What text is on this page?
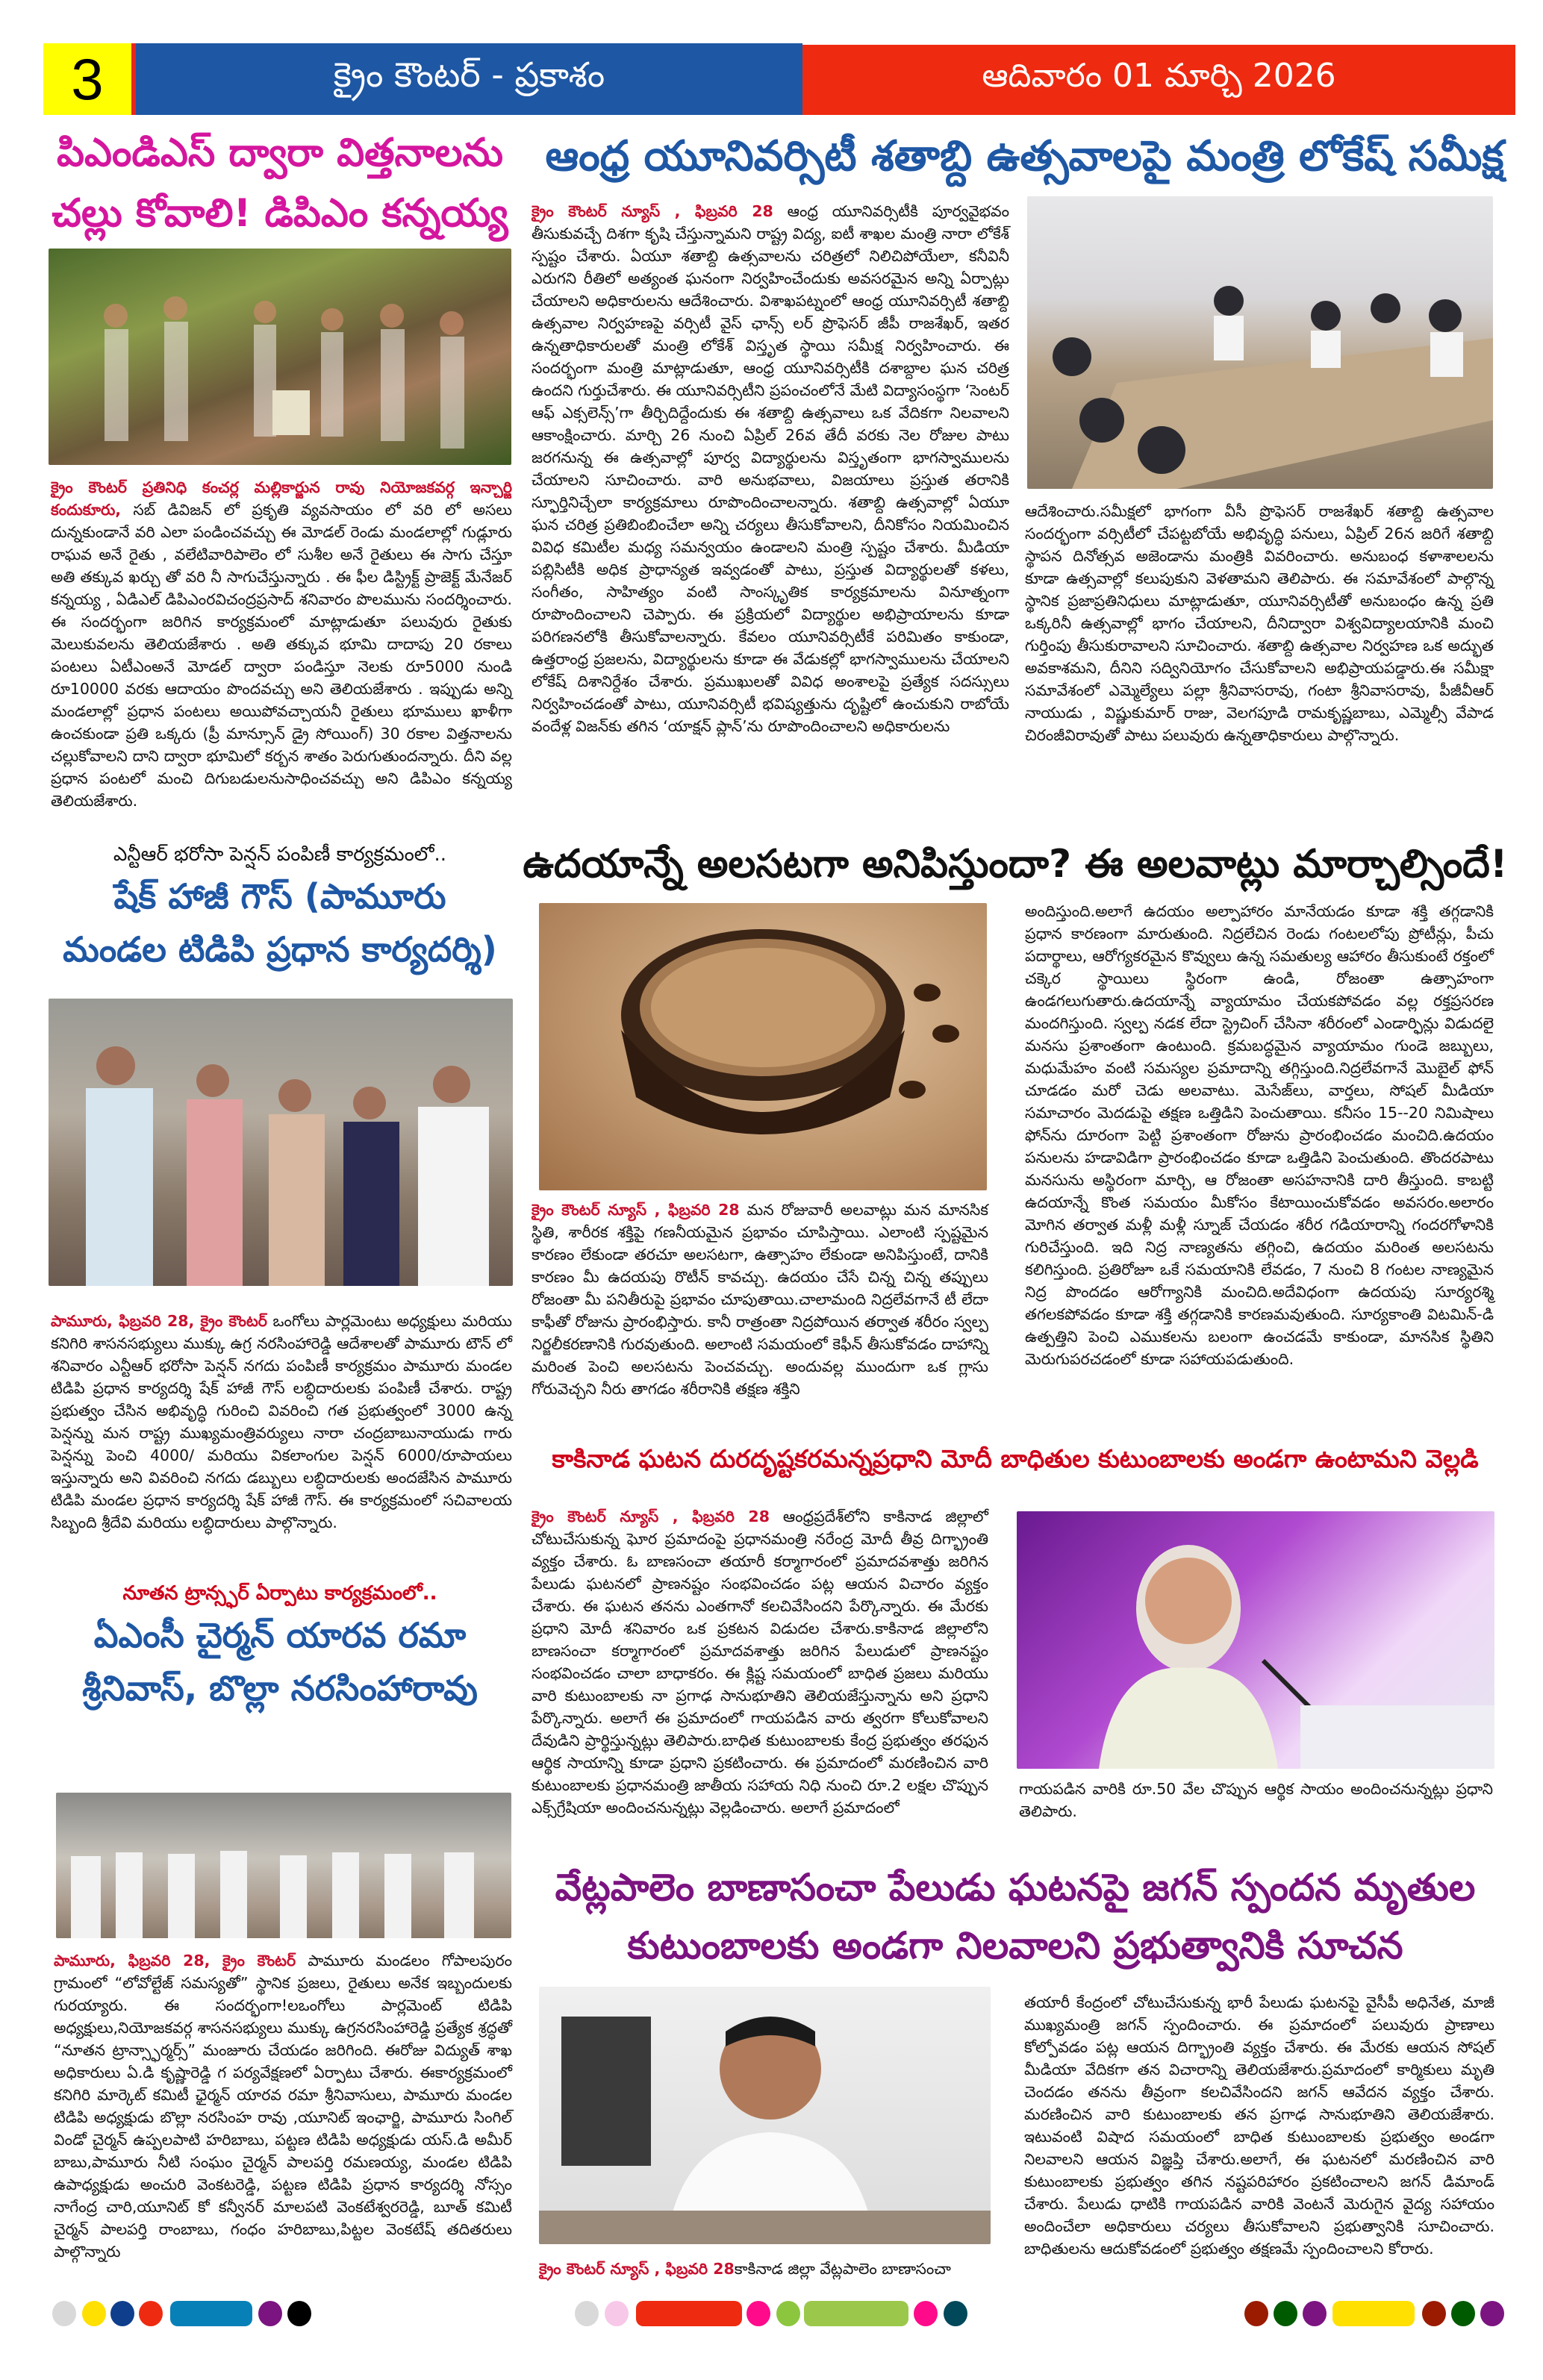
3	క్రైం కౌంటర్ - ప్రకాశం	ఆదివారం 01 మార్చి 2026
పిఎండిఎస్ ద్వారా విత్తనాలను
చల్లు కోవాలి! డిపిఎం కన్నయ్య

క్రైం కౌంటర్ ప్రతినిధి కంచర్ల మల్లికార్జున రావు నియోజకవర్గ ఇన్చార్జి కందుకూరు, సబ్ డివిజన్ లో ప్రకృతి వ్యవసాయం లో వరి లో అసలు దున్నకుండానే వరి ఎలా పండించవచ్చు ఈ మోడల్ రెండు మండలాల్లో గుడ్లూరు రాఘవ అనే రైతు , వలేటివారిపాలెం లో సుశీల అనే రైతులు ఈ సాగు చేస్తూ అతి తక్కువ ఖర్చు తో వరి నీ సాగుచేస్తున్నారు . ఈ ఫీల డిస్ట్రిక్ట్ ప్రాజెక్ట్ మేనేజర్ కన్నయ్య , ఏడిఎల్ డిపిఎంరవిచంద్రప్రసాద్ శనివారం పొలమును సందర్శించారు. ఈ సందర్భంగా జరిగిన కార్యక్రమంలో మాట్లాడుతూ పలువురు రైతుకు మెలుకువలను తెలియజేశారు . అతి తక్కువ భూమి దాదాపు 20 రకాలు పంటలు ఏటీఎంఅనే మోడల్ ద్వారా పండిస్తూ నెలకు రూ5000 నుండి రూ10000 వరకు ఆదాయం పొందవచ్చు అని తెలియజేశారు . ఇప్పుడు అన్ని మండలాల్లో ప్రధాన పంటలు అయిపోవచ్చాయనీ రైతులు భూములు ఖాళీగా ఉంచకుండా ప్రతి ఒక్కరు (ప్రీ మాన్సూన్ డ్రై సోయింగ్) 30 రకాల విత్తనాలను చల్లుకోవాలని దాని ద్వారా భూమిలో కర్బన శాతం పెరుగుతుందన్నారు. దీని వల్ల ప్రధాన పంటలో మంచి దిగుబడులనుసాధించవచ్చు అని డిపిఎం కన్నయ్య తెలియజేశారు.

ఎన్టీఆర్ భరోసా పెన్షన్ పంపిణీ కార్యక్రమంలో..
షేక్ హాజీ గౌస్ (పామూరు
మండల టిడిపి ప్రధాన కార్యదర్శి)

పామూరు, ఫిబ్రవరి 28, క్రైం కౌంటర్ ఒంగోలు పార్లమెంటు అధ్యక్షులు మరియు కనిగిరి శాసనసభ్యులు ముక్కు ఉగ్ర నరసింహారెడ్డి ఆదేశాలతో పామూరు టౌన్ లో శనివారం ఎన్టీఆర్ భరోసా పెన్షన్ నగదు పంపిణీ కార్యక్రమం పామూరు మండల టిడిపి ప్రధాన కార్యదర్శి షేక్ హాజీ గౌస్ లబ్ధిదారులకు పంపిణీ చేశారు. రాష్ట్ర ప్రభుత్వం చేసిన అభివృద్ధి గురించి వివరించి గత ప్రభుత్వంలో 3000 ఉన్న పెన్షన్ను మన రాష్ట్ర ముఖ్యమంత్రివర్యులు నారా చంద్రబాబునాయుడు గారు పెన్షన్ను పెంచి 4000/ మరియు వికలాంగుల పెన్షన్ 6000/రూపాయలు ఇస్తున్నారు అని వివరించి నగదు డబ్బులు లబ్ధిదారులకు అందజేసిన పామూరు టిడిపి మండల ప్రధాన కార్యదర్శి షేక్ హాజీ గౌస్. ఈ కార్యక్రమంలో సచివాలయ సిబ్బంది శ్రీదేవి మరియు లబ్ధిదారులు పాల్గొన్నారు.

నూతన ట్రాన్స్ఫర్ ఏర్పాటు కార్యక్రమంలో..
ఏఎంసీ చైర్మన్ యారవ రమా
శ్రీనివాస్, బొల్లా నరసింహారావు

పామూరు, ఫిబ్రవరి 28, క్రైం కౌంటర్ పామూరు మండలం గోపాలపురం గ్రామంలో “లోవోల్టేజ్ సమస్యతో” స్థానిక ప్రజలు, రైతులు అనేక ఇబ్బందులకు గురయ్యారు. ఈ సందర్భంగా!లఒంగోలు పార్లమెంట్ టిడిపి అధ్యక్షులు,నియోజకవర్గ శాసనసభ్యులు ముక్కు ఉగ్రనరసింహారెడ్డి ప్రత్యేక శ్రద్ధతో “నూతన ట్రాన్స్ఫార్మర్స్” మంజూరు చేయడం జరిగింది. ఈరోజు విద్యుత్ శాఖ అధికారులు ఏ.డి కృష్ణారెడ్డి గ పర్యవేక్షణలో ఏర్పాటు చేశారు. ఈకార్యక్రమంలో కనిగిరి మార్కెట్ కమిటీ ఛైర్మన్ యారవ రమా శ్రీనివాసులు, పామూరు మండల టిడిపి అధ్యక్షుడు బొల్లా నరసింహ రావు ,యూనిట్ ఇంఛార్జి, పామూరు సింగిల్ విండో చైర్మన్ ఉప్పలపాటి హరిబాబు, పట్టణ టిడిపి అధ్యక్షుడు యస్.డి అమీర్ బాబు,పామూరు నీటి సంఘం చైర్మన్ పాలపర్తి రమణయ్య, మండల టిడిపి ఉపాధ్యక్షుడు అంచురి వెంకటరెడ్డి, పట్టణ టిడిపి ప్రధాన కార్యదర్శి నోస్సం నాగేంద్ర చారి,యూనిట్ కో కన్వీనర్ మాలపటి వెంకటేశ్వరరెడ్డి, బూత్ కమిటీ చైర్మన్ పాలపర్తి రాంబాబు, గంధం హరిబాబు,పిట్టల వెంకటేష్ తదితరులు పాల్గొన్నారు

ఆంధ్ర యూనివర్సిటీ శతాబ్ది ఉత్సవాలపై మంత్రి లోకేష్ సమీక్ష

క్రైం కౌంటర్ న్యూస్ , ఫిబ్రవరి 28 ఆంధ్ర యూనివర్సిటీకి పూర్వవైభవం తీసుకువచ్చే దిశగా కృషి చేస్తున్నామని రాష్ట్ర విద్య, ఐటీ శాఖల మంత్రి నారా లోకేశ్ స్పష్టం చేశారు. ఏయూ శతాబ్ది ఉత్సవాలను చరిత్రలో నిలిచిపోయేలా, కనీవినీ ఎరుగని రీతిలో అత్యంత ఘనంగా నిర్వహించేందుకు అవసరమైన అన్ని ఏర్పాట్లు చేయాలని అధికారులను ఆదేశించారు. విశాఖపట్నంలో ఆంధ్ర యూనివర్సిటీ శతాబ్ది ఉత్సవాల నిర్వహణపై వర్సిటీ వైస్ ఛాన్స్ లర్ ప్రొఫెసర్ జీపీ రాజశేఖర్, ఇతర ఉన్నతాధికారులతో మంత్రి లోకేశ్ విస్తృత స్థాయి సమీక్ష నిర్వహించారు. ఈ సందర్భంగా మంత్రి మాట్లాడుతూ, ఆంధ్ర యూనివర్సిటీకి దశాబ్దాల ఘన చరిత్ర ఉందని గుర్తుచేశారు. ఈ యూనివర్సిటీని ప్రపంచంలోనే మేటి విద్యాసంస్థగా ‘సెంటర్ ఆఫ్ ఎక్సలెన్స్’గా తీర్చిదిద్దేందుకు ఈ శతాబ్ది ఉత్సవాలు ఒక వేదికగా నిలవాలని ఆకాంక్షించారు. మార్చి 26 నుంచి ఏప్రిల్ 26వ తేదీ వరకు నెల రోజుల పాటు జరగనున్న ఈ ఉత్సవాల్లో పూర్వ విద్యార్థులను విస్తృతంగా భాగస్వాములను చేయాలని సూచించారు. వారి అనుభవాలు, విజయాలు ప్రస్తుత తరానికి స్ఫూర్తినిచ్చేలా కార్యక్రమాలు రూపొందించాలన్నారు. శతాబ్ది ఉత్సవాల్లో ఏయూ ఘన చరిత్ర ప్రతిబింబించేలా అన్ని చర్యలు తీసుకోవాలని, దీనికోసం నియమించిన వివిధ కమిటీల మధ్య సమన్వయం ఉండాలని మంత్రి స్పష్టం చేశారు. మీడియా పబ్లిసిటీకి అధిక ప్రాధాన్యత ఇవ్వడంతో పాటు, ప్రస్తుత విద్యార్థులతో కళలు, సంగీతం, సాహిత్యం వంటి సాంస్కృతిక కార్యక్రమాలను వినూత్నంగా రూపొందించాలని చెప్పారు. ఈ ప్రక్రియలో విద్యార్థుల అభిప్రాయాలను కూడా పరిగణనలోకి తీసుకోవాలన్నారు. కేవలం యూనివర్సిటీకే పరిమితం కాకుండా, ఉత్తరాంధ్ర ప్రజలను, విద్యార్థులను కూడా ఈ వేడుకల్లో భాగస్వాములను చేయాలని లోకేష్ దిశానిర్దేశం చేశారు. ప్రముఖులతో వివిధ అంశాలపై ప్రత్యేక సదస్సులు నిర్వహించడంతో పాటు, యూనివర్సిటీ భవిష్యత్తును దృష్టిలో ఉంచుకుని రాబోయే వందేళ్ల విజన్‌కు తగిన ‘యాక్షన్ ప్లాన్’ను రూపొందించాలని అధికారులను

ఆదేశించారు.సమీక్షలో భాగంగా వీసీ ప్రొఫెసర్ రాజశేఖర్ శతాబ్ది ఉత్సవాల సందర్భంగా వర్సిటీలో చేపట్టబోయే అభివృద్ధి పనులు, ఏప్రిల్ 26న జరిగే శతాబ్ది స్థాపన దినోత్సవ అజెండాను మంత్రికి వివరించారు. అనుబంధ కళాశాలలను కూడా ఉత్సవాల్లో కలుపుకుని వెళతామని తెలిపారు. ఈ సమావేశంలో పాల్గొన్న స్థానిక ప్రజాప్రతినిధులు మాట్లాడుతూ, యూనివర్సిటీతో అనుబంధం ఉన్న ప్రతి ఒక్కరినీ ఉత్సవాల్లో భాగం చేయాలని, దీనిద్వారా విశ్వవిద్యాలయానికి మంచి గుర్తింపు తీసుకురావాలని సూచించారు. శతాబ్ది ఉత్సవాల నిర్వహణ ఒక అద్భుత అవకాశమని, దీనిని సద్వినియోగం చేసుకోవాలని అభిప్రాయపడ్డారు.ఈ సమీక్షా సమావేశంలో ఎమ్మెల్యేలు పల్లా శ్రీనివాసరావు, గంటా శ్రీనివాసరావు, పీజీవీఆర్ నాయుడు , విష్ణుకుమార్ రాజు, వెలగపూడి రామకృష్ణబాబు, ఎమ్మెల్సీ వేపాడ చిరంజీవిరావుతో పాటు పలువురు ఉన్నతాధికారులు పాల్గొన్నారు.

ఉదయాన్నే అలసటగా అనిపిస్తుందా? ఈ అలవాట్లు మార్చాల్సిందే!

క్రైం కౌంటర్ న్యూస్ , ఫిబ్రవరి 28 మన రోజువారీ అలవాట్లు మన మానసిక స్థితి, శారీరక శక్తిపై గణనీయమైన ప్రభావం చూపిస్తాయి. ఎలాంటి స్పష్టమైన కారణం లేకుండా తరచూ అలసటగా, ఉత్సాహం లేకుండా అనిపిస్తుంటే, దానికి కారణం మీ ఉదయపు రొటీన్ కావచ్చు. ఉదయం చేసే చిన్న చిన్న తప్పులు రోజంతా మీ పనితీరుపై ప్రభావం చూపుతాయి.చాలామంది నిద్రలేవగానే టీ లేదా కాఫీతో రోజును ప్రారంభిస్తారు. కానీ రాత్రంతా నిద్రపోయిన తర్వాత శరీరం స్వల్ప నిర్జలీకరణానికి గురవుతుంది. అలాంటి సమయంలో కెఫీన్ తీసుకోవడం దాహాన్ని మరింత పెంచి అలసటను పెంచవచ్చు. అందువల్ల ముందుగా ఒక గ్లాసు గోరువెచ్చని నీరు తాగడం శరీరానికి తక్షణ శక్తిని

అందిస్తుంది.అలాగే ఉదయం అల్పాహారం మానేయడం కూడా శక్తి తగ్గడానికి ప్రధాన కారణంగా మారుతుంది. నిద్రలేచిన రెండు గంటలలోపు ప్రోటీన్లు, పీచు పదార్థాలు, ఆరోగ్యకరమైన కొవ్వులు ఉన్న సమతుల్య ఆహారం తీసుకుంటే రక్తంలో చక్కెర స్థాయిలు స్థిరంగా ఉండి, రోజంతా ఉత్సాహంగా ఉండగలుగుతారు.ఉదయాన్నే వ్యాయామం చేయకపోవడం వల్ల రక్తప్రసరణ మందగిస్తుంది. స్వల్ప నడక లేదా స్ట్రెచింగ్ చేసినా శరీరంలో ఎండార్ఫిన్లు విడుదలై మనసు ప్రశాంతంగా ఉంటుంది. క్రమబద్ధమైన వ్యాయామం గుండె జబ్బులు, మధుమేహం వంటి సమస్యల ప్రమాదాన్ని తగ్గిస్తుంది.నిద్రలేవగానే మొబైల్ ఫోన్ చూడడం మరో చెడు అలవాటు. మెసేజ్‌లు, వార్తలు, సోషల్ మీడియా సమాచారం మెదడుపై తక్షణ ఒత్తిడిని పెంచుతాయి. కనీసం 15--20 నిమిషాలు ఫోన్‌ను దూరంగా పెట్టి ప్రశాంతంగా రోజును ప్రారంభించడం మంచిది.ఉదయం పనులను హడావిడిగా ప్రారంభించడం కూడా ఒత్తిడిని పెంచుతుంది. తొందరపాటు మనసును అస్థిరంగా మార్చి, ఆ రోజంతా అసహనానికి దారి తీస్తుంది. కాబట్టి ఉదయాన్నే కొంత సమయం మీకోసం కేటాయించుకోవడం అవసరం.అలారం మోగిన తర్వాత మళ్లీ మళ్లీ స్నూజ్ చేయడం శరీర గడియారాన్ని గందరగోళానికి గురిచేస్తుంది. ఇది నిద్ర నాణ్యతను తగ్గించి, ఉదయం మరింత అలసటను కలిగిస్తుంది. ప్రతిరోజూ ఒకే సమయానికి లేవడం, 7 నుంచి 8 గంటల నాణ్యమైన నిద్ర పొందడం ఆరోగ్యానికి మంచిది.అదేవిధంగా ఉదయపు సూర్యరశ్మి తగలకపోవడం కూడా శక్తి తగ్గడానికి కారణమవుతుంది. సూర్యకాంతి విటమిన్-డి ఉత్పత్తిని పెంచి ఎముకలను బలంగా ఉంచడమే కాకుండా, మానసిక స్థితిని మెరుగుపరచడంలో కూడా సహాయపడుతుంది.

కాకినాడ ఘటన దురదృష్టకరమన్నప్రధాని మోదీ బాధితుల కుటుంబాలకు అండగా ఉంటామని వెల్లడి

క్రైం కౌంటర్ న్యూస్ , ఫిబ్రవరి 28 ఆంధ్రప్రదేశ్‌లోని కాకినాడ జిల్లాలో చోటుచేసుకున్న ఘోర ప్రమాదంపై ప్రధానమంత్రి నరేంద్ర మోదీ తీవ్ర దిగ్భ్రాంతి వ్యక్తం చేశారు. ఓ బాణసంచా తయారీ కర్మాగారంలో ప్రమాదవశాత్తు జరిగిన పేలుడు ఘటనలో ప్రాణనష్టం సంభవించడం పట్ల ఆయన విచారం వ్యక్తం చేశారు. ఈ ఘటన తనను ఎంతగానో కలచివేసిందని పేర్కొన్నారు. ఈ మేరకు ప్రధాని మోదీ శనివారం ఒక ప్రకటన విడుదల చేశారు.కాకినాడ జిల్లాలోని బాణసంచా కర్మాగారంలో ప్రమాదవశాత్తు జరిగిన పేలుడులో ప్రాణనష్టం సంభవించడం చాలా బాధాకరం. ఈ క్లిష్ట సమయంలో బాధిత ప్రజలు మరియు వారి కుటుంబాలకు నా ప్రగాఢ సానుభూతిని తెలియజేస్తున్నాను అని ప్రధాని పేర్కొన్నారు. అలాగే ఈ ప్రమాదంలో గాయపడిన వారు త్వరగా కోలుకోవాలని దేవుడిని ప్రార్థిస్తున్నట్లు తెలిపారు.బాధిత కుటుంబాలకు కేంద్ర ప్రభుత్వం తరఫున ఆర్థిక సాయాన్ని కూడా ప్రధాని ప్రకటించారు. ఈ ప్రమాదంలో మరణించిన వారి కుటుంబాలకు ప్రధానమంత్రి జాతీయ సహాయ నిధి నుంచి రూ.2 లక్షల చొప్పున ఎక్స్‌గ్రేషియా అందించనున్నట్లు వెల్లడించారు. అలాగే ప్రమాదంలో

గాయపడిన వారికి రూ.50 వేల చొప్పున ఆర్థిక సాయం అందించనున్నట్లు ప్రధాని తెలిపారు.

వేట్లపాలెం బాణాసంచా పేలుడు ఘటనపై జగన్ స్పందన మృతుల
కుటుంబాలకు అండగా నిలవాలని ప్రభుత్వానికి సూచన

క్రైం కౌంటర్ న్యూస్ , ఫిబ్రవరి 28కాకినాడ జిల్లా వేట్లపాలెం బాణాసంచా

తయారీ కేంద్రంలో చోటుచేసుకున్న భారీ పేలుడు ఘటనపై వైసీపీ అధినేత, మాజీ ముఖ్యమంత్రి జగన్ స్పందించారు. ఈ ప్రమాదంలో పలువురు ప్రాణాలు కోల్పోవడం పట్ల ఆయన దిగ్భ్రాంతి వ్యక్తం చేశారు. ఈ మేరకు ఆయన సోషల్ మీడియా వేదికగా తన విచారాన్ని తెలియజేశారు.ప్రమాదంలో కార్మికులు మృతి చెందడం తనను తీవ్రంగా కలచివేసిందని జగన్ ఆవేదన వ్యక్తం చేశారు. మరణించిన వారి కుటుంబాలకు తన ప్రగాఢ సానుభూతిని తెలియజేశారు. ఇటువంటి విషాద సమయంలో బాధిత కుటుంబాలకు ప్రభుత్వం అండగా నిలవాలని ఆయన విజ్ఞప్తి చేశారు.అలాగే, ఈ ఘటనలో మరణించిన వారి కుటుంబాలకు ప్రభుత్వం తగిన నష్టపరిహారం ప్రకటించాలని జగన్ డిమాండ్ చేశారు. పేలుడు ధాటికి గాయపడిన వారికి వెంటనే మెరుగైన వైద్య సహాయం అందించేలా అధికారులు చర్యలు తీసుకోవాలని ప్రభుత్వానికి సూచించారు. బాధితులను ఆదుకోవడంలో ప్రభుత్వం తక్షణమే స్పందించాలని కోరారు.
